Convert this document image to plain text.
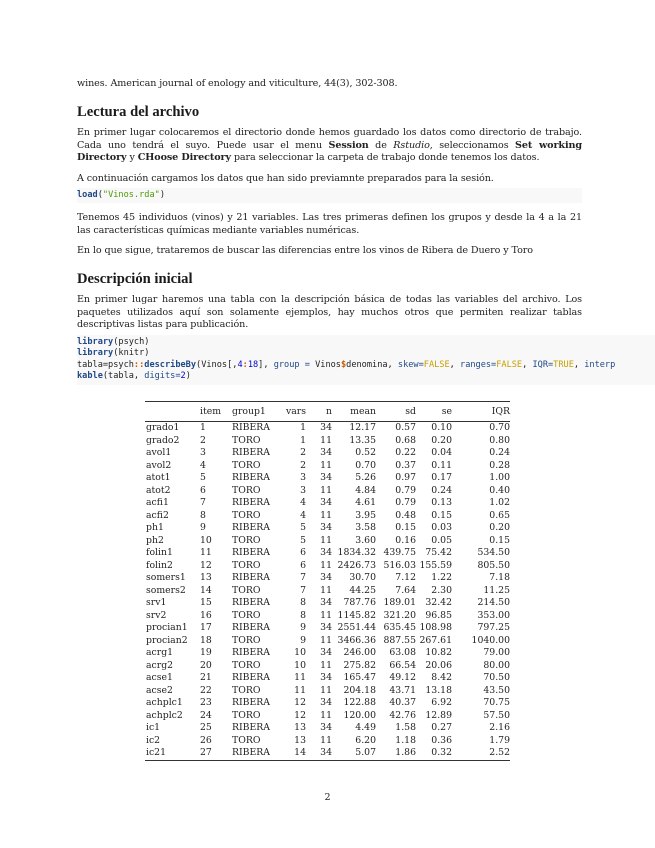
wines. American journal of enology and viticulture, 44(3), 302-308.

Lectura del archivo

En primer lugar colocaremos el directorio donde hemos guardado los datos como directorio de trabajo. Cada uno tendrá el suyo. Puede usar el menu Session de Rstudio, seleccionamos Set working Directory y CHoose Directory para seleccionar la carpeta de trabajo donde tenemos los datos.

A continuación cargamos los datos que han sido previamnte preparados para la sesión.

load("Vinos.rda")

Tenemos 45 individuos (vinos) y 21 variables. Las tres primeras definen los grupos y desde la 4 a la 21 las características químicas mediante variables numéricas.

En lo que sigue, trataremos de buscar las diferencias entre los vinos de Ribera de Duero y Toro

Descripción inicial

En primer lugar haremos una tabla con la descripción básica de todas las variables del archivo. Los paquetes utilizados aquí son solamente ejemplos, hay muchos otros que permiten realizar tablas descriptivas listas para publicación.

library(psych)
library(knitr)
tabla=psych::describeBy(Vinos[,4:18], group = Vinos$denomina, skew=FALSE, ranges=FALSE, IQR=TRUE, interp
kable(tabla, digits=2)
	item	group1	vars	n	mean	sd	se	IQR
grado1	1	RIBERA	1	34	12.17	0.57	0.10	0.70
grado2	2	TORO	1	11	13.35	0.68	0.20	0.80
avol1	3	RIBERA	2	34	0.52	0.22	0.04	0.24
avol2	4	TORO	2	11	0.70	0.37	0.11	0.28
atot1	5	RIBERA	3	34	5.26	0.97	0.17	1.00
atot2	6	TORO	3	11	4.84	0.79	0.24	0.40
acfi1	7	RIBERA	4	34	4.61	0.79	0.13	1.02
acfi2	8	TORO	4	11	3.95	0.48	0.15	0.65
ph1	9	RIBERA	5	34	3.58	0.15	0.03	0.20
ph2	10	TORO	5	11	3.60	0.16	0.05	0.15
folin1	11	RIBERA	6	34	1834.32	439.75	75.42	534.50
folin2	12	TORO	6	11	2426.73	516.03	155.59	805.50
somers1	13	RIBERA	7	34	30.70	7.12	1.22	7.18
somers2	14	TORO	7	11	44.25	7.64	2.30	11.25
srv1	15	RIBERA	8	34	787.76	189.01	32.42	214.50
srv2	16	TORO	8	11	1145.82	321.20	96.85	353.00
procian1	17	RIBERA	9	34	2551.44	635.45	108.98	797.25
procian2	18	TORO	9	11	3466.36	887.55	267.61	1040.00
acrg1	19	RIBERA	10	34	246.00	63.08	10.82	79.00
acrg2	20	TORO	10	11	275.82	66.54	20.06	80.00
acse1	21	RIBERA	11	34	165.47	49.12	8.42	70.50
acse2	22	TORO	11	11	204.18	43.71	13.18	43.50
achplc1	23	RIBERA	12	34	122.88	40.37	6.92	70.75
achplc2	24	TORO	12	11	120.00	42.76	12.89	57.50
ic1	25	RIBERA	13	34	4.49	1.58	0.27	2.16
ic2	26	TORO	13	11	6.20	1.18	0.36	1.79
ic21	27	RIBERA	14	34	5.07	1.86	0.32	2.52
2
